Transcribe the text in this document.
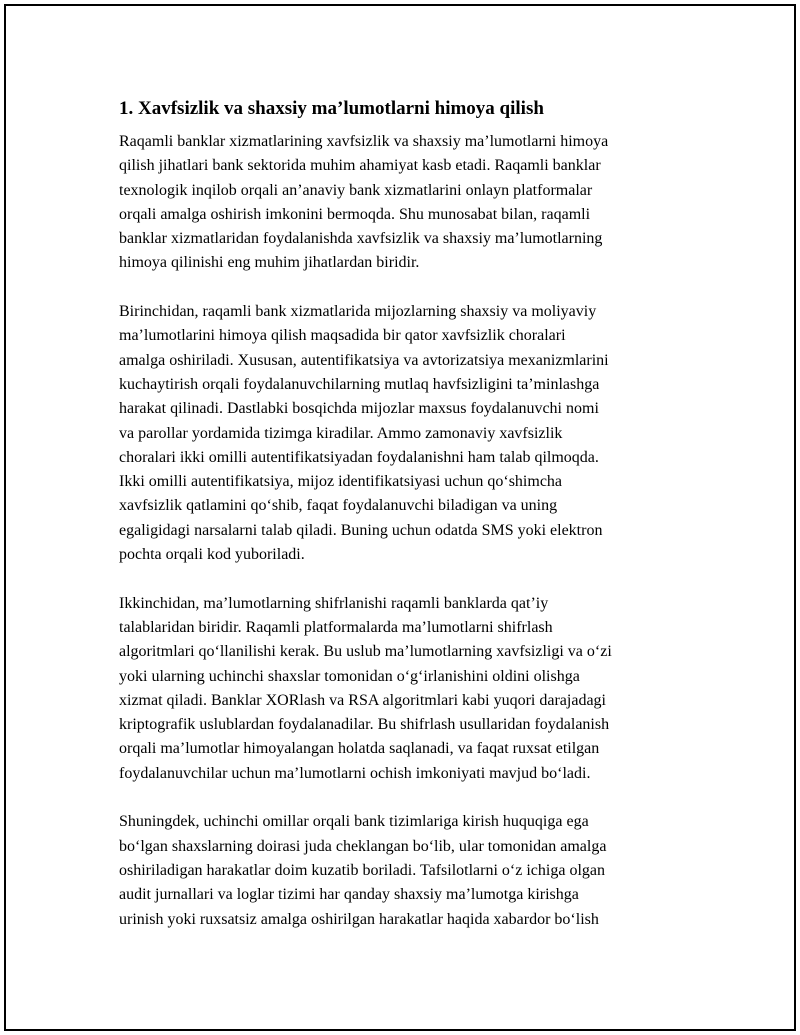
1. Xavfsizlik va shaxsiy ma’lumotlarni himoya qilish

Raqamli banklar xizmatlarining xavfsizlik va shaxsiy ma’lumotlarni himoya
qilish jihatlari bank sektorida muhim ahamiyat kasb etadi. Raqamli banklar
texnologik inqilob orqali an’anaviy bank xizmatlarini onlayn platformalar
orqali amalga oshirish imkonini bermoqda. Shu munosabat bilan, raqamli
banklar xizmatlaridan foydalanishda xavfsizlik va shaxsiy ma’lumotlarning
himoya qilinishi eng muhim jihatlardan biridir.

Birinchidan, raqamli bank xizmatlarida mijozlarning shaxsiy va moliyaviy
ma’lumotlarini himoya qilish maqsadida bir qator xavfsizlik choralari
amalga oshiriladi. Xususan, autentifikatsiya va avtorizatsiya mexanizmlarini
kuchaytirish orqali foydalanuvchilarning mutlaq havfsizligini ta’minlashga
harakat qilinadi. Dastlabki bosqichda mijozlar maxsus foydalanuvchi nomi
va parollar yordamida tizimga kiradilar. Ammo zamonaviy xavfsizlik
choralari ikki omilli autentifikatsiyadan foydalanishni ham talab qilmoqda.
Ikki omilli autentifikatsiya, mijoz identifikatsiyasi uchun qo‘shimcha
xavfsizlik qatlamini qo‘shib, faqat foydalanuvchi biladigan va uning
egaligidagi narsalarni talab qiladi. Buning uchun odatda SMS yoki elektron
pochta orqali kod yuboriladi.

Ikkinchidan, ma’lumotlarning shifrlanishi raqamli banklarda qat’iy
talablaridan biridir. Raqamli platformalarda ma’lumotlarni shifrlash
algoritmlari qo‘llanilishi kerak. Bu uslub ma’lumotlarning xavfsizligi va o‘zi
yoki ularning uchinchi shaxslar tomonidan o‘g‘irlanishini oldini olishga
xizmat qiladi. Banklar XORlash va RSA algoritmlari kabi yuqori darajadagi
kriptografik uslublardan foydalanadilar. Bu shifrlash usullaridan foydalanish
orqali ma’lumotlar himoyalangan holatda saqlanadi, va faqat ruxsat etilgan
foydalanuvchilar uchun ma’lumotlarni ochish imkoniyati mavjud bo‘ladi.

Shuningdek, uchinchi omillar orqali bank tizimlariga kirish huquqiga ega
bo‘lgan shaxslarning doirasi juda cheklangan bo‘lib, ular tomonidan amalga
oshiriladigan harakatlar doim kuzatib boriladi. Tafsilotlarni o‘z ichiga olgan
audit jurnallari va loglar tizimi har qanday shaxsiy ma’lumotga kirishga
urinish yoki ruxsatsiz amalga oshirilgan harakatlar haqida xabardor bo‘lish
